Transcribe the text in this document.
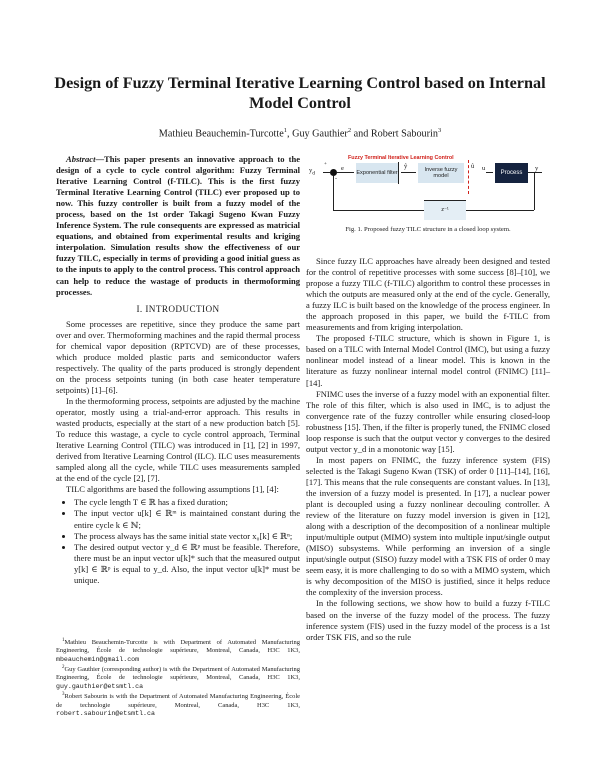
Design of Fuzzy Terminal Iterative Learning Control based on Internal Model Control
Mathieu Beauchemin-Turcotte$^1$, Guy Gauthier$^2$ and Robert Sabourin$^3$

Abstract—This paper presents an innovative approach to the design of a cycle to cycle control algorithm: Fuzzy Terminal Iterative Learning Control (f-TILC). This is the first fuzzy Terminal Iterative Learning Control (TILC) ever proposed up to now. This fuzzy controller is built from a fuzzy model of the process, based on the 1st order Takagi Sugeno Kwan Fuzzy Inference System. The rule consequents are expressed as matricial equations, and obtained from experimental results and kriging interpolation. Simulation results show the effectiveness of our fuzzy TILC, especially in terms of providing a good initial guess as to the inputs to apply to the control process. This control approach can help to reduce the wastage of products in thermoforming processes.

I. INTRODUCTION

Some processes are repetitive, since they produce the same part over and over. Thermoforming machines and the rapid thermal process for chemical vapor deposition (RPTCVD) are of these processes, which produce molded plastic parts and semiconductor wafers respectively. The quality of the parts produced is strongly dependent on the process setpoints tuning (in both case heater temperature setpoints) [1]–[6].

In the thermoforming process, setpoints are adjusted by the machine operator, mostly using a trial-and-error approach. This results in wasted products, especially at the start of a new production batch [5]. To reduce this wastage, a cycle to cycle control approach, Terminal Iterative Learning Control (TILC) was introduced in [1], [2] in 1997, derived from Iterative Learning Control (ILC). ILC uses measurements sampled along all the cycle, while TILC uses measurements sampled at the end of the cycle [2], [7].

TILC algorithms are based the following assumptions [1], [4]:

• The cycle length T ∈ ℝ has a fixed duration;
• The input vector u[k] ∈ ℝᵐ is maintained constant during the entire cycle k ∈ ℕ;
• The process always has the same initial state vector x₀[k] ∈ ℝⁿ;
• The desired output vector y_d ∈ ℝᵖ must be feasible. Therefore, there must be an input vector u[k]* such that the measured output y[k] ∈ ℝᵖ is equal to y_d. Also, the input vector u[k]* must be unique.

$^1$Mathieu Beauchemin-Turcotte is with Department of Automated Manufacturing Engineering, École de technologie supérieure, Montreal, Canada, H3C 1K3, mbeauchemin@gmail.com

$^2$Guy Gauthier (corresponding author) is with the Department of Automated Manufacturing Engineering, École de technologie supérieure, Montreal, Canada, H3C 1K3, guy.gauthier@etsmtl.ca

$^3$Robert Sabourin is with the Department of Automated Manufacturing Engineering, École de technologie supérieure, Montreal, Canada, H3C 1K3, robert.sabourin@etsmtl.ca

Fuzzy Terminal Iterative Learning Control
$y_d$
+
-
e
Exponential filter
ŷ	Inverse fuzzy model
û u
Process
y
z⁻¹
Fig. 1. Proposed fuzzy TILC structure in a closed loop system.

Since fuzzy ILC approaches have already been designed and tested for the control of repetitive processes with some success [8]–[10], we propose a fuzzy TILC (f-TILC) algorithm to control these processes in which the outputs are measured only at the end of the cycle. Generally, a fuzzy ILC is built based on the knowledge of the process engineer. In the approach proposed in this paper, we build the f-TILC from measurements and from kriging interpolation.

The proposed f-TILC structure, which is shown in Figure 1, is based on a TILC with Internal Model Control (IMC), but using a fuzzy nonlinear model instead of a linear model. This is known in the literature as fuzzy nonlinear internal model control (FNIMC) [11]–[14].

FNIMC uses the inverse of a fuzzy model with an exponential filter. The role of this filter, which is also used in IMC, is to adjust the convergence rate of the fuzzy controller while ensuring closed-loop robustness [15]. Then, if the filter is properly tuned, the FNIMC closed loop response is such that the output vector y converges to the desired output vector y_d in a monotonic way [15].

In most papers on FNIMC, the fuzzy inference system (FIS) selected is the Takagi Sugeno Kwan (TSK) of order 0 [11]–[14], [16], [17]. This means that the rule consequents are constant values. In [13], the inversion of a fuzzy model is presented. In [17], a nuclear power plant is decoupled using a fuzzy nonlinear decouling controller. A review of the literature on fuzzy model inversion is given in [12], along with a description of the decomposition of a nonlinear multiple input/multiple output (MIMO) system into multiple input/single output (MISO) subsystems. While performing an inversion of a single input/single output (SISO) fuzzy model with a TSK FIS of order 0 may seem easy, it is more challenging to do so with a MIMO system, which is why decomposition of the MISO is justified, since it helps reduce the complexity of the inversion process.

In the following sections, we show how to build a fuzzy f-TILC based on the inverse of the fuzzy model of the process. The fuzzy inference system (FIS) used in the fuzzy model of the process is a 1st order TSK FIS, and so the rule
